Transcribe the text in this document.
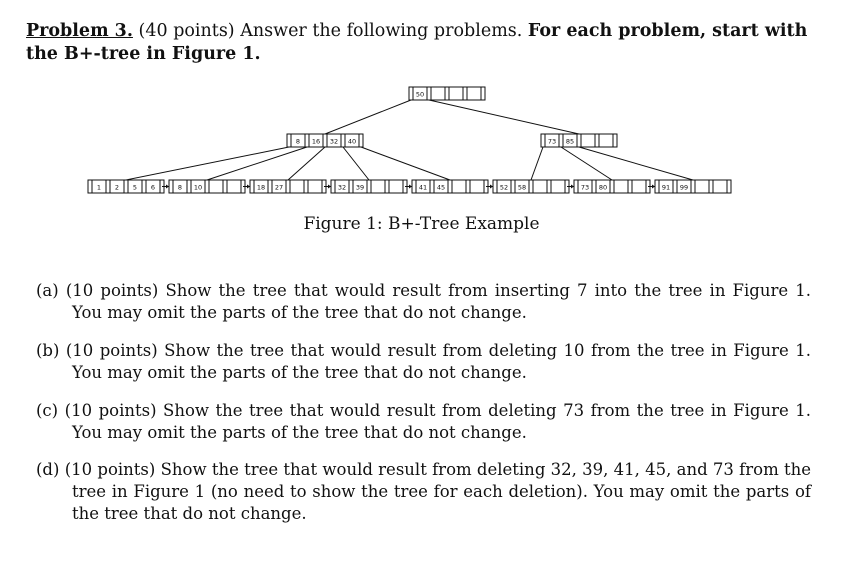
Problem 3. (40 points) Answer the following problems. For each problem, start with the B+-tree in Figure 1.
1 2 5 6	8 10	18 27	32 39	41 45	52 58	73 80	91 99
8 16 32 40	73 85
50
Figure 1: B+-Tree Example
(a) (10 points) Show the tree that would result from inserting 7 into the tree in Figure 1. You may omit the parts of the tree that do not change.
(b) (10 points) Show the tree that would result from deleting 10 from the tree in Figure 1. You may omit the parts of the tree that do not change.
(c) (10 points) Show the tree that would result from deleting 73 from the tree in Figure 1. You may omit the parts of the tree that do not change.
(d) (10 points) Show the tree that would result from deleting 32, 39, 41, 45, and 73 from the tree in Figure 1 (no need to show the tree for each deletion). You may omit the parts of the tree that do not change.
